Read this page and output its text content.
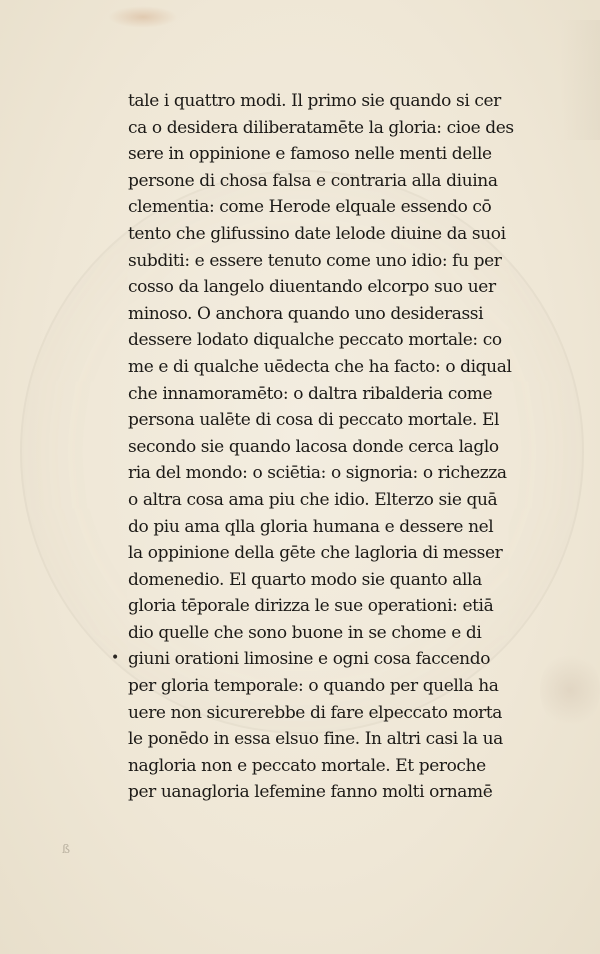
tale i quattro modi. Il primo sie quando si cer
ca o desidera diliberatamēte la gloria: cioe des
sere in oppinione e famoso nelle menti delle
persone di chosa falsa e contraria alla diuina
clementia: come Herode elquale essendo cō
tento che glifussino date lelode diuine da suoi
subditi: e essere tenuto come uno idio: fu per
cosso da langelo diuentando elcorpo suo uer
minoso. O anchora quando uno desiderassi
dessere lodato diqualche peccato mortale: co
me e di qualche uēdecta che ha facto: o diqual
che innamoramēto: o daltra ribalderia come
persona ualēte di cosa di peccato mortale. El
secondo sie quando lacosa donde cerca laglo
ria del mondo: o sciētia: o signoria: o richezza
o altra cosa ama piu che idio. Elterzo sie quā
do piu ama qlla gloria humana e dessere nel
la oppinione della gēte che lagloria di messer
domenedio. El quarto modo sie quanto alla
gloria tēporale dirizza le sue operationi: etiā
dio quelle che sono buone in se chome e di
giuni orationi limosine e ogni cosa faccendo
per gloria temporale: o quando per quella ha
uere non sicurerebbe di fare elpeccato morta
le ponēdo in essa elsuo fine. In altri casi la ua
nagloria non e peccato mortale. Et peroche
per uanagloria lefemine fanno molti ornamē
•
ß
